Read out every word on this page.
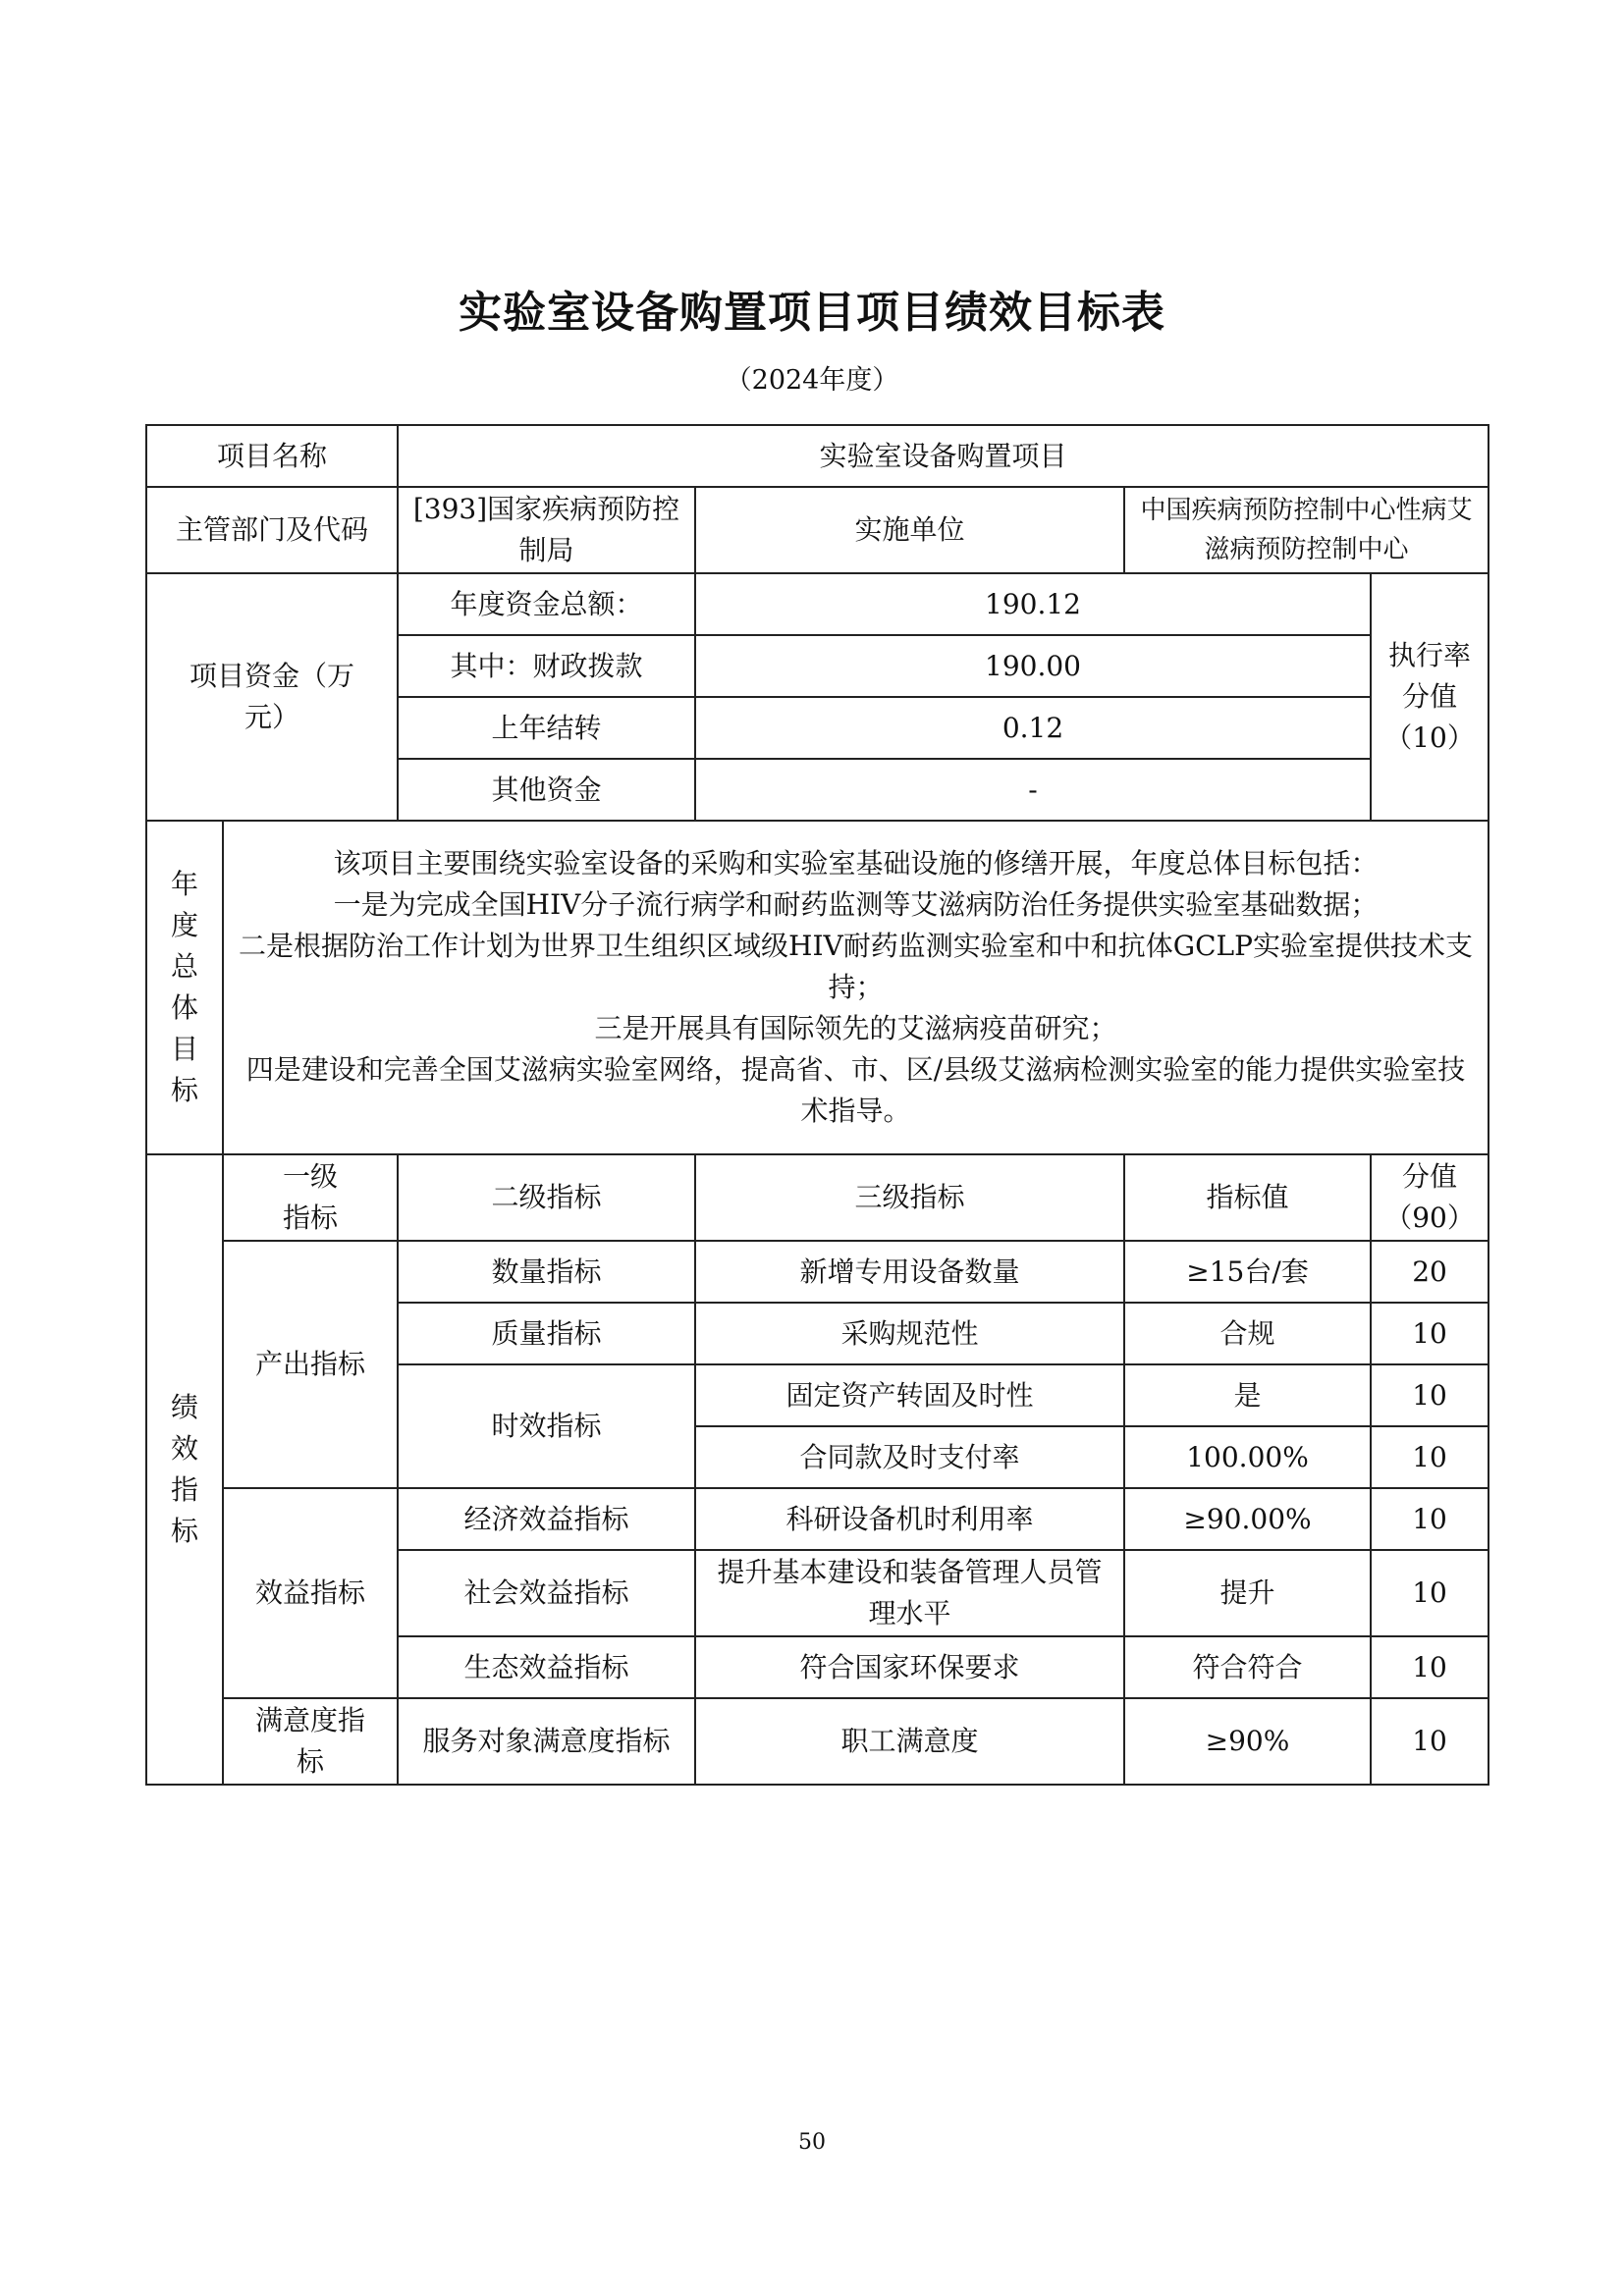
实验室设备购置项目项目绩效目标表
（2024年度）
项目名称		实验室设备购置项目			
主管部门及代码		[393]国家疾病预防控制局	实施单位	中国疾病预防控制中心性病艾滋病预防控制中心	
项目资金（万元）		年度资金总额：	190.12		执行率分值（10）
		其中：财政拨款	190.00		
		上年结转	0.12		
		其他资金	-		

年度总体目标	该项目主要围绕实验室设备的采购和实验室基础设施的修缮开展，年度总体目标包括：
一是为完成全国HIV分子流行病学和耐药监测等艾滋病防治任务提供实验室基础数据；
二是根据防治工作计划为世界卫生组织区域级HIV耐药监测实验室和中和抗体GCLP实验室提供技术支持；
三是开展具有国际领先的艾滋病疫苗研究；
四是建设和完善全国艾滋病实验室网络，提高省、市、区/县级艾滋病检测实验室的能力提供实验室技术指导。				

绩效指标	一级指标	二级指标	三级指标	指标值	分值（90）
	产出指标	数量指标	新增专用设备数量	≥15台/套	20
		质量指标	采购规范性	合规	10
		时效指标	固定资产转固及时性	是	10
			合同款及时支付率	100.00%	10
	效益指标	经济效益指标	科研设备机时利用率	≥90.00%	10
		社会效益指标	提升基本建设和装备管理人员管理水平	提升	10
		生态效益指标	符合国家环保要求	符合符合	10
	满意度指标	服务对象满意度指标	职工满意度	≥90%	10
50
